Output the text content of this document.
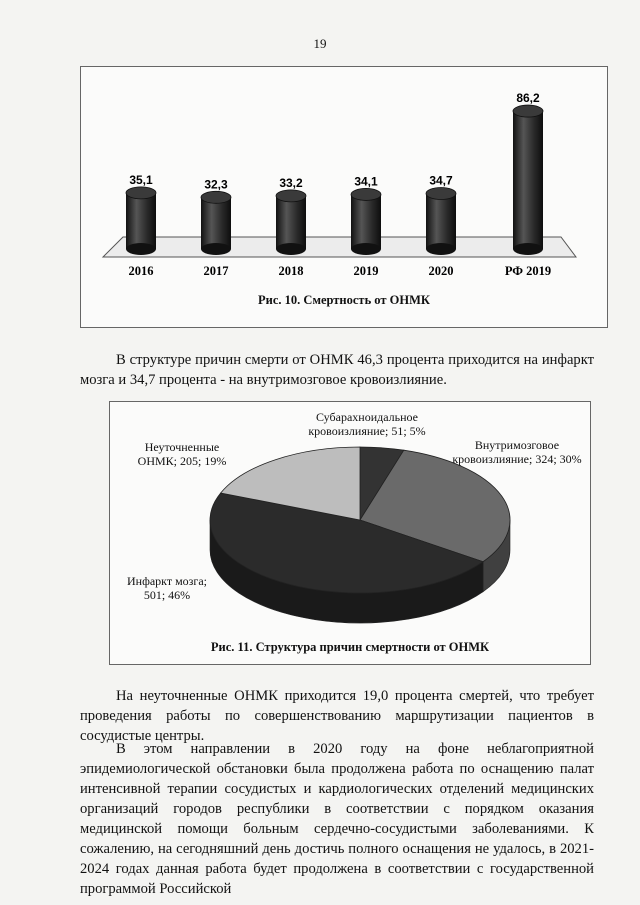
19
35,1
2016
32,3
2017
33,2
2018
34,1
2019
34,7
2020
86,2
РФ 2019
Рис. 10. Смертность от ОНМК

В структуре причин смерти от ОНМК 46,3 процента приходится на инфаркт мозга и 34,7 процента - на внутримозговое кровоизлияние.

Субарахноидальное
кровоизлияние; 51; 5%
Внутримозговое
кровоизлияние; 324; 30%
Инфаркт мозга;
501; 46%
Неуточненные
ОНМК; 205; 19%
Рис. 11. Структура причин смертности от ОНМК

На неуточненные ОНМК приходится 19,0 процента смертей, что требует проведения работы по совершенствованию маршрутизации пациентов в сосудистые центры.

В этом направлении в 2020 году на фоне неблагоприятной эпидемиологической обстановки была продолжена работа по оснащению палат интенсивной терапии сосудистых и кардиологических отделений медицинских организаций городов республики в соответствии с порядком оказания медицинской помощи больным сердечно-сосудистыми заболеваниями. К сожалению, на сегодняшний день достичь полного оснащения не удалось, в 2021-2024 годах данная работа будет продолжена в соответствии с государственной программой Российской
